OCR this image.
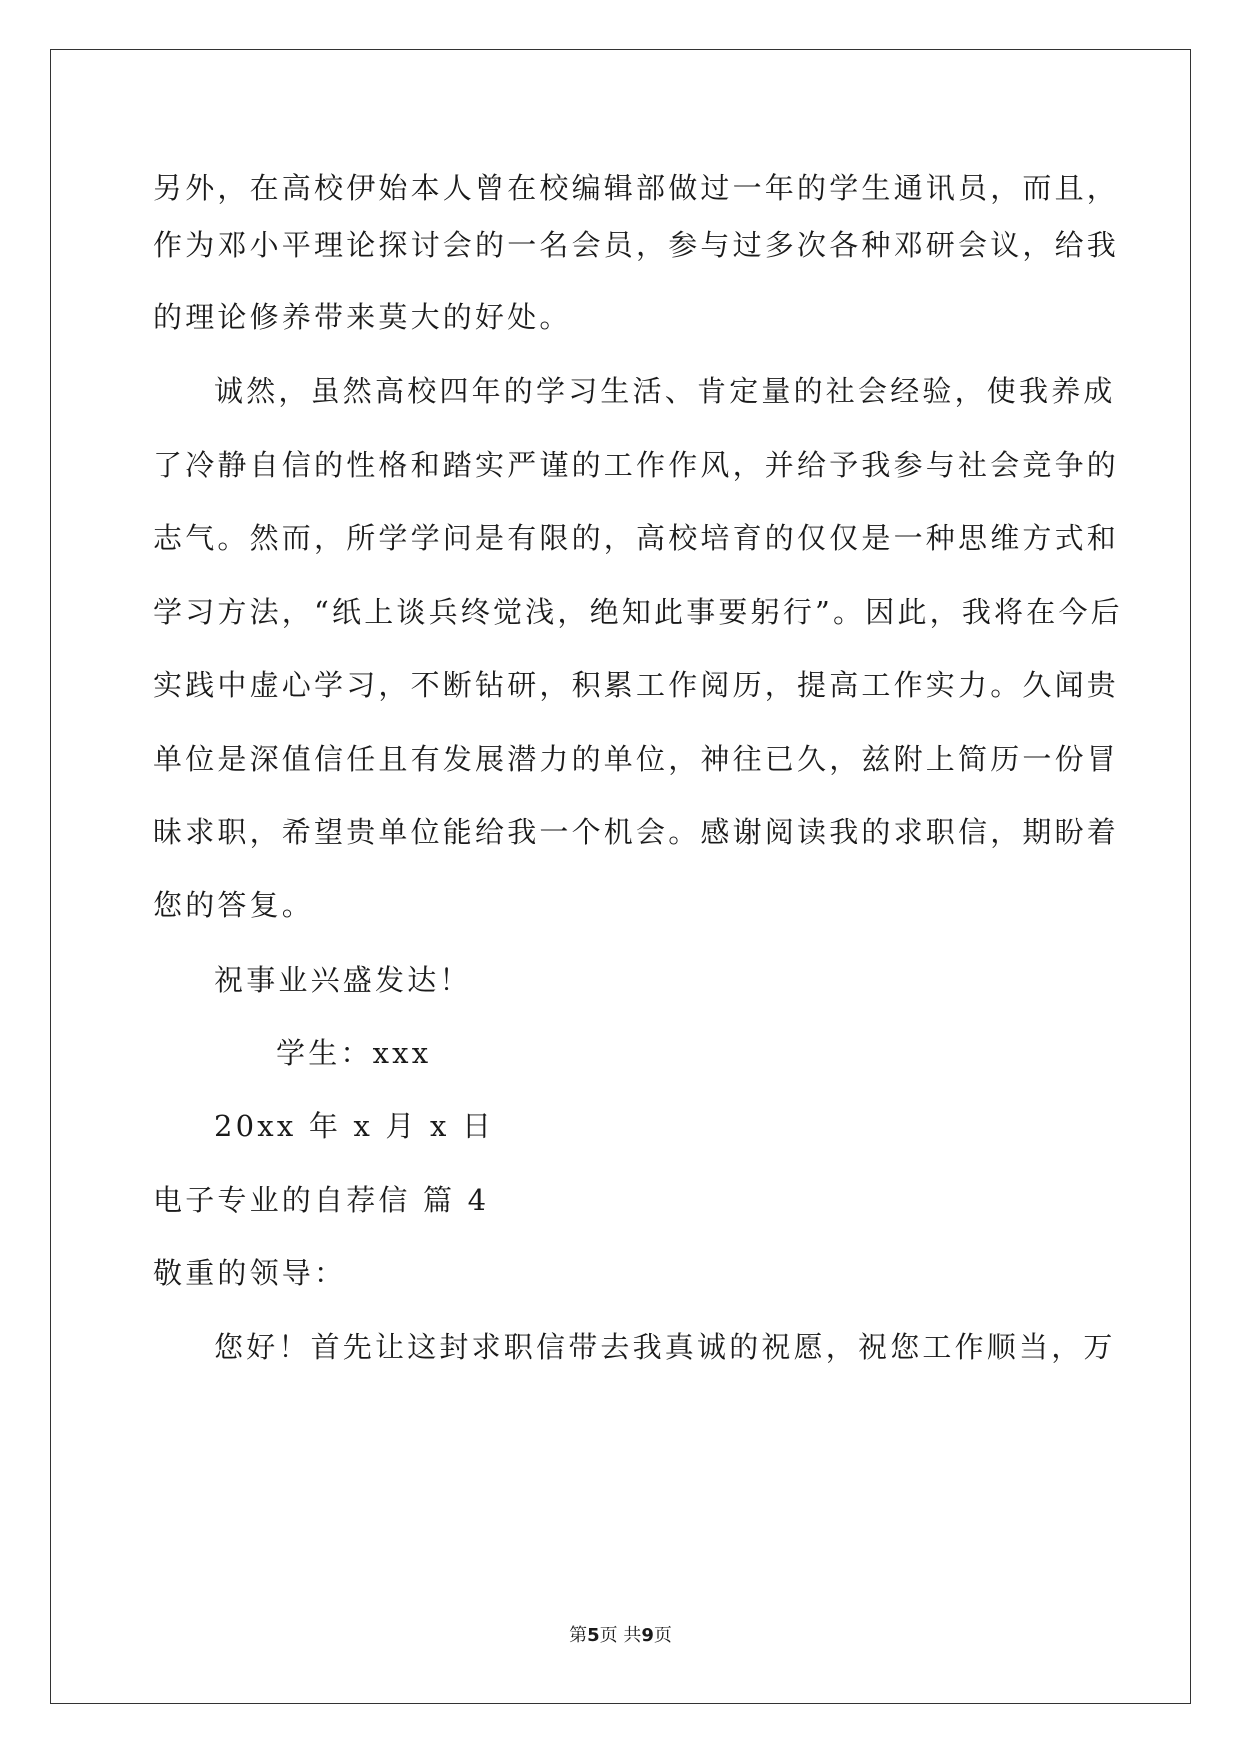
另外，在高校伊始本人曾在校编辑部做过一年的学生通讯员，而且，
作为邓小平理论探讨会的一名会员，参与过多次各种邓研会议，给我
的理论修养带来莫大的好处。
诚然，虽然高校四年的学习生活、肯定量的社会经验，使我养成
了冷静自信的性格和踏实严谨的工作作风，并给予我参与社会竞争的
志气。然而，所学学问是有限的，高校培育的仅仅是一种思维方式和
学习方法，“纸上谈兵终觉浅，绝知此事要躬行”。因此，我将在今后
实践中虚心学习，不断钻研，积累工作阅历，提高工作实力。久闻贵
单位是深值信任且有发展潜力的单位，神往已久，兹附上简历一份冒
昧求职，希望贵单位能给我一个机会。感谢阅读我的求职信，期盼着
您的答复。
祝事业兴盛发达！
学生：xxx
20xx 年 x 月 x 日
电子专业的自荐信 篇 4
敬重的领导：
您好！首先让这封求职信带去我真诚的祝愿，祝您工作顺当，万
第5页 共9页
